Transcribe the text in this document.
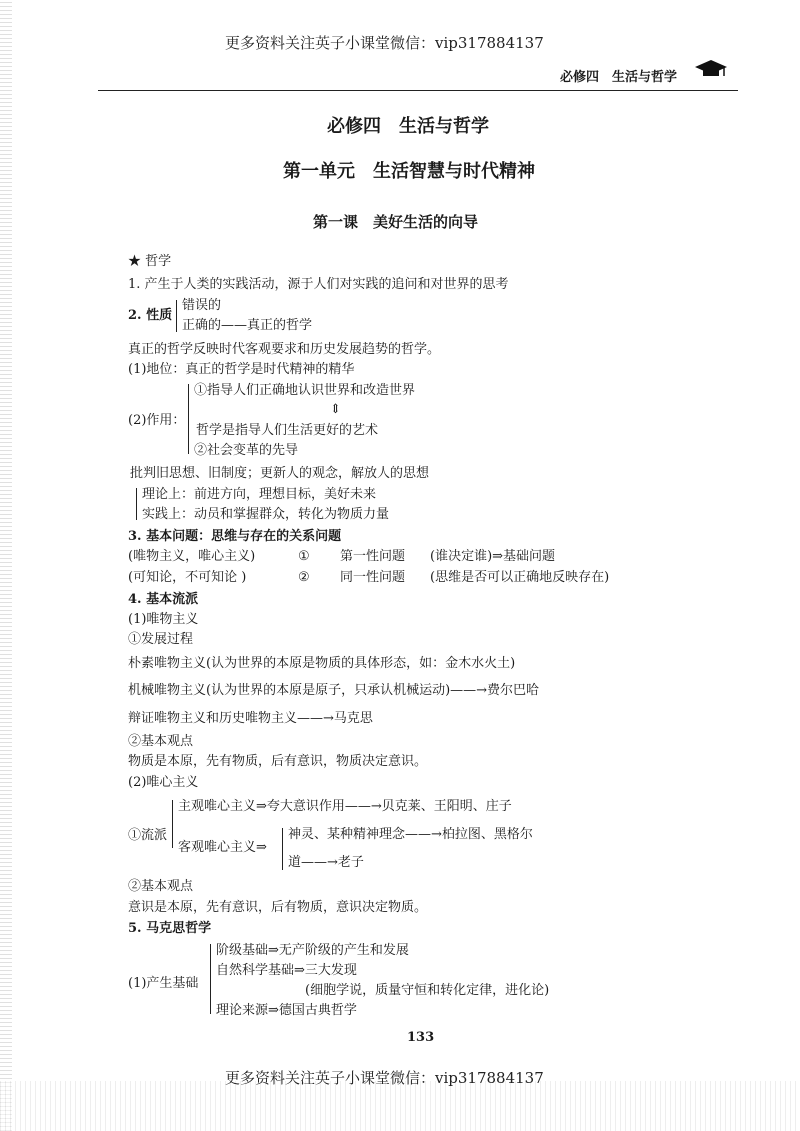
更多资料关注英子小课堂微信：vip317884137
必修四　生活与哲学
必修四　生活与哲学
第一单元　生活智慧与时代精神
第一课　美好生活的向导
★ 哲学
1. 产生于人类的实践活动，源于人们对实践的追问和对世界的思考
2. 性质
错误的
正确的——真正的哲学
真正的哲学反映时代客观要求和历史发展趋势的哲学。
(1)地位：真正的哲学是时代精神的精华
(2)作用：
①指导人们正确地认识世界和改造世界
⇕
哲学是指导人们生活更好的艺术
②社会变革的先导
批判旧思想、旧制度；更新人的观念，解放人的思想
理论上：前进方向，理想目标，美好未来
实践上：动员和掌握群众，转化为物质力量
3. 基本问题：思维与存在的关系问题
(唯物主义，唯心主义)	① 第一性问题 (谁决定谁)⇒基础问题
(可知论，不可知论 )	② 同一性问题 (思维是否可以正确地反映存在)
4. 基本流派
(1)唯物主义
①发展过程
朴素唯物主义(认为世界的本原是物质的具体形态，如：金木水火土)
机械唯物主义(认为世界的本原是原子，只承认机械运动)——→费尔巴哈
辩证唯物主义和历史唯物主义——→马克思
②基本观点
物质是本原，先有物质，后有意识，物质决定意识。
(2)唯心主义
①流派
主观唯心主义⇒夸大意识作用——→贝克莱、王阳明、庄子
客观唯心主义⇒
神灵、某种精神理念——→柏拉图、黑格尔
道——→老子
②基本观点
意识是本原，先有意识，后有物质，意识决定物质。
5. 马克思哲学
(1)产生基础
阶级基础⇒无产阶级的产生和发展
自然科学基础⇒三大发现
(细胞学说，质量守恒和转化定律，进化论)
理论来源⇒德国古典哲学
133
更多资料关注英子小课堂微信：vip317884137
